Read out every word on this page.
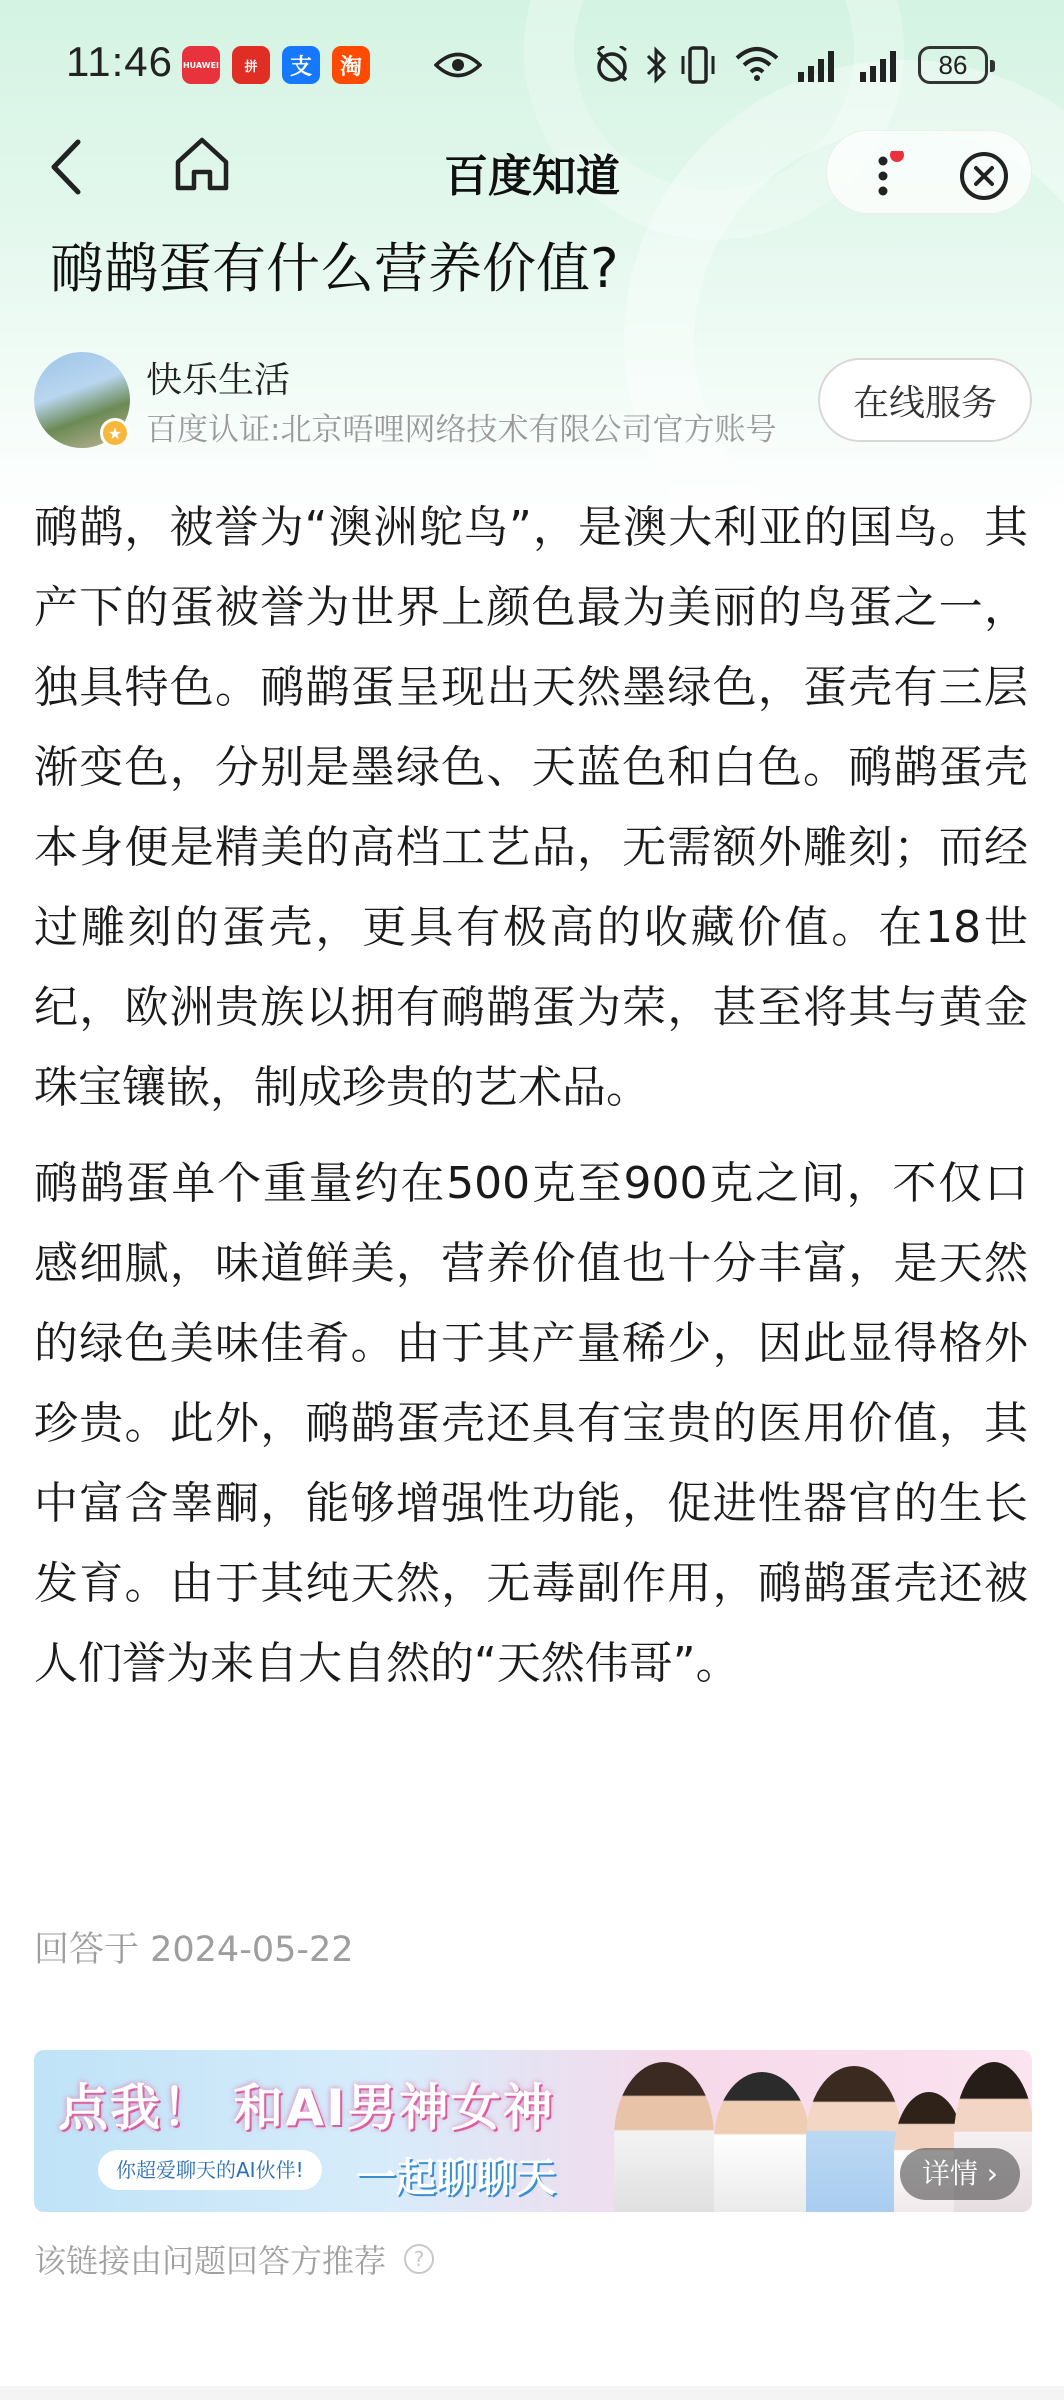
11:46 HUAWEI 拼 支 淘	86
百度知道
鸸鹋蛋有什么营养价值?
★
快乐生活
百度认证:北京唔哩网络技术有限公司官方账号
在线服务

鸸鹋，被誉为“澳洲鸵鸟”，是澳大利亚的国鸟。其产下的蛋被誉为世界上颜色最为美丽的鸟蛋之一，独具特色。鸸鹋蛋呈现出天然墨绿色，蛋壳有三层渐变色，分别是墨绿色、天蓝色和白色。鸸鹋蛋壳本身便是精美的高档工艺品，无需额外雕刻；而经过雕刻的蛋壳，更具有极高的收藏价值。在18世纪，欧洲贵族以拥有鸸鹋蛋为荣，甚至将其与黄金珠宝镶嵌，制成珍贵的艺术品。

鸸鹋蛋单个重量约在500克至900克之间，不仅口感细腻，味道鲜美，营养价值也十分丰富，是天然的绿色美味佳肴。由于其产量稀少，因此显得格外珍贵。此外，鸸鹋蛋壳还具有宝贵的医用价值，其中富含睾酮，能够增强性功能，促进性器官的生长发育。由于其纯天然，无毒副作用，鸸鹋蛋壳还被人们誉为来自大自然的“天然伟哥”。

回答于 2024-05-22
点我！ 和AI男神女神
你超爱聊天的AI伙伴!	一起聊聊天	详情 ›
该链接由问题回答方推荐	?
